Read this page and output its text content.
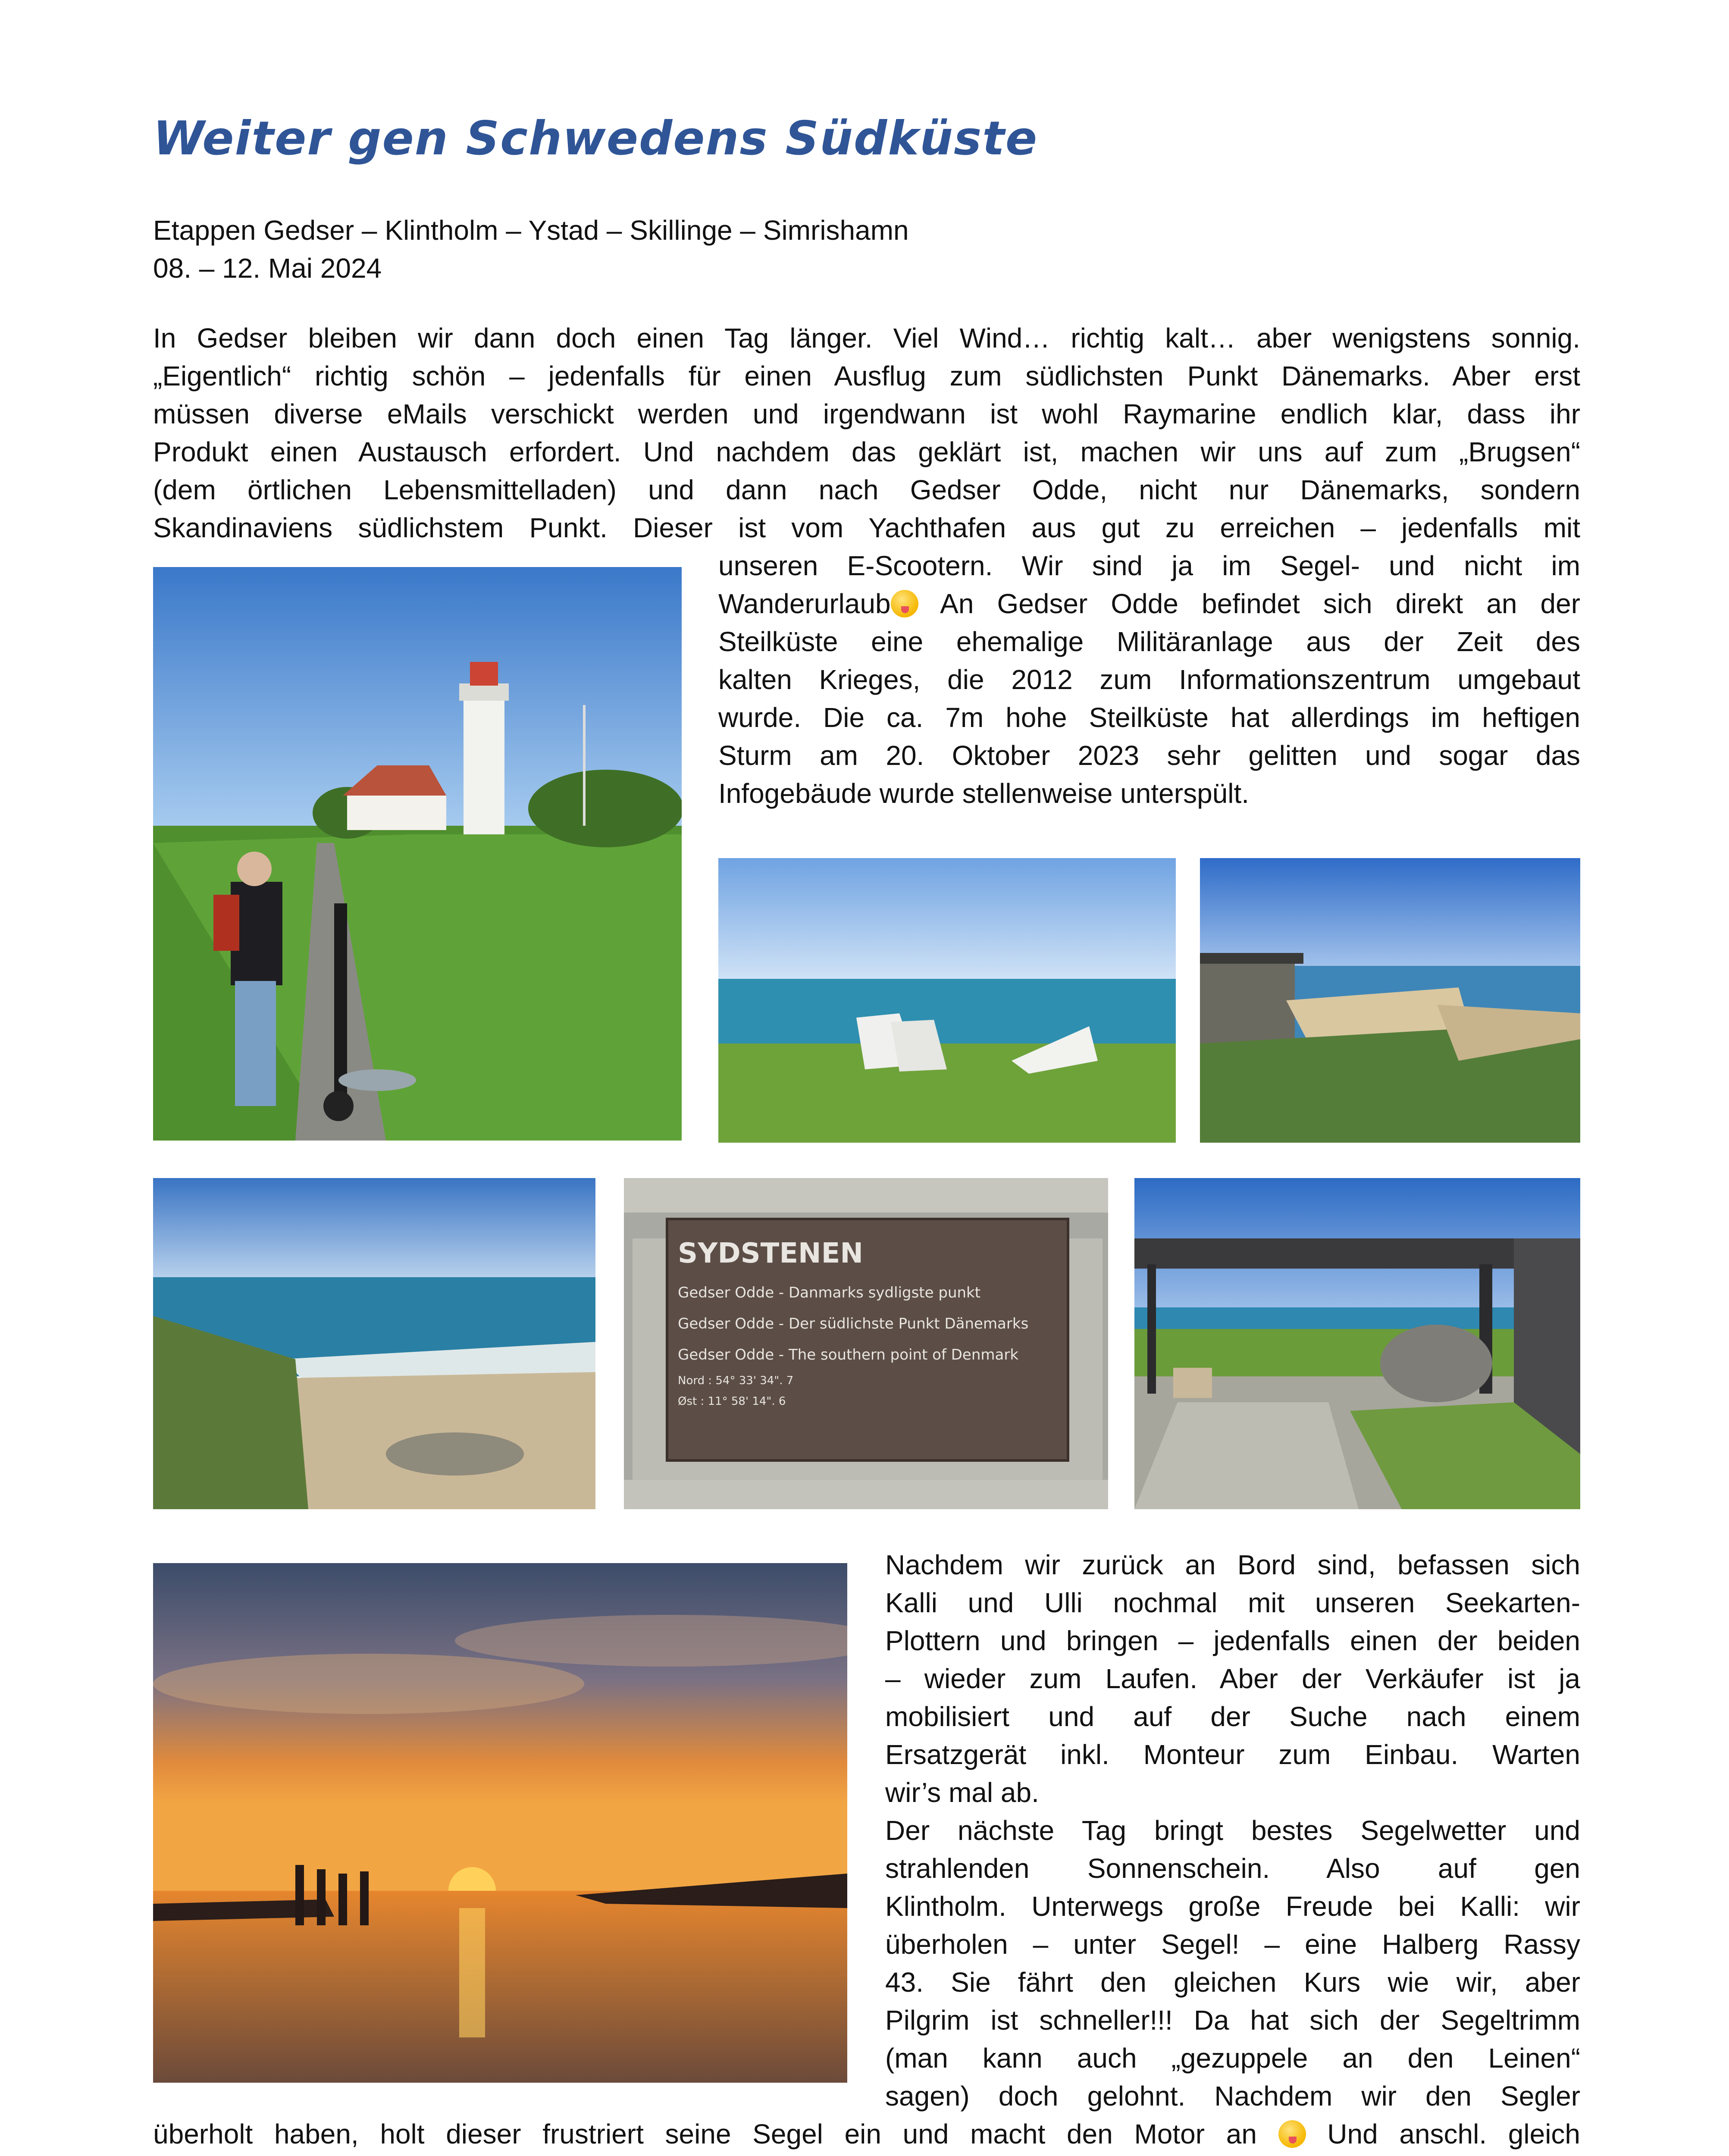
Weiter gen Schwedens Südküste
Etappen Gedser – Klintholm – Ystad – Skillinge – Simrishamn
08. – 12. Mai 2024
In Gedser bleiben wir dann doch einen Tag länger. Viel Wind… richtig kalt… aber wenigstens sonnig.
„Eigentlich“ richtig schön – jedenfalls für einen Ausflug zum südlichsten Punkt Dänemarks. Aber erst
müssen diverse eMails verschickt werden und irgendwann ist wohl Raymarine endlich klar, dass ihr
Produkt einen Austausch erfordert. Und nachdem das geklärt ist, machen wir uns auf zum „Brugsen“
(dem örtlichen Lebensmittelladen) und dann nach Gedser Odde, nicht nur Dänemarks, sondern
Skandinaviens südlichstem Punkt. Dieser ist vom Yachthafen aus gut zu erreichen – jedenfalls mit
unseren E-Scootern. Wir sind ja im Segel- und nicht im
Wanderurlaub An Gedser Odde befindet sich direkt an der
Steilküste eine ehemalige Militäranlage aus der Zeit des
kalten Krieges, die 2012 zum Informationszentrum umgebaut
wurde. Die ca. 7m hohe Steilküste hat allerdings im heftigen
Sturm am 20. Oktober 2023 sehr gelitten und sogar das
Infogebäude wurde stellenweise unterspült.
SYDSTENEN
Gedser Odde - Danmarks sydligste punkt
Gedser Odde - Der südlichste Punkt Dänemarks
Gedser Odde - The southern point of Denmark
Nord : 54° 33' 34". 7
Øst : 11° 58' 14". 6
Nachdem wir zurück an Bord sind, befassen sich
Kalli und Ulli nochmal mit unseren Seekarten-
Plottern und bringen – jedenfalls einen der beiden
– wieder zum Laufen. Aber der Verkäufer ist ja
mobilisiert und auf der Suche nach einem
Ersatzgerät inkl. Monteur zum Einbau. Warten
wir’s mal ab.
Der nächste Tag bringt bestes Segelwetter und
strahlenden Sonnenschein. Also auf gen
Klintholm. Unterwegs große Freude bei Kalli: wir
überholen – unter Segel! – eine Halberg Rassy
43. Sie fährt den gleichen Kurs wie wir, aber
Pilgrim ist schneller!!! Da hat sich der Segeltrimm
(man kann auch „gezuppele an den Leinen“
sagen) doch gelohnt. Nachdem wir den Segler
überholt haben, holt dieser frustriert seine Segel ein und macht den Motor an  Und anschl. gleich
